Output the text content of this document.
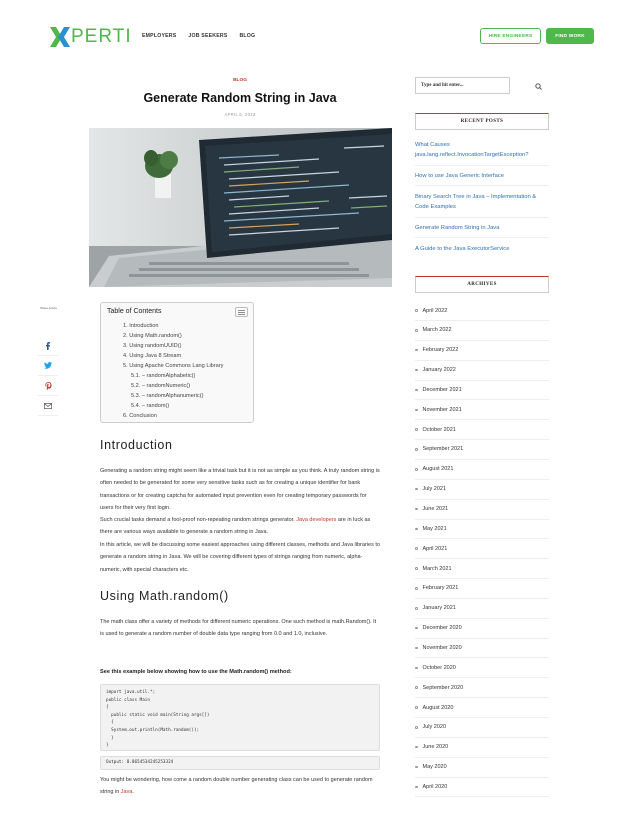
PERTI EMPLOYERS JOB SEEKERS BLOG	HIRE ENGINEERS	FIND WORK
BLOG
Generate Random String in Java
APRIL 6, 2022
Share Article	Table of Contents
1. Introduction
2. Using Math.random()
3. Using randomUUID()
4. Using Java 8 Stream
5. Using Apache Commons Lang Library
5.1. – randomAlphabetic()
5.2. – randomNumeric()
5.3. – randomAlphanumeric()
5.4. – random()
6. Conclusion
Introduction
Generating a random string might seem like a trivial task but it is not as simple as you think. A truly random string is often needed to be generated for some very sensitive tasks such as for creating a unique identifier for bank transactions or for creating captcha for automated input prevention even for creating temporary passwords for users for their very first login.
Such crucial tasks demand a fool-proof non-repeating random strings generator. Java developers are in luck as there are various ways available to generate a random string in Java.
In this article, we will be discussing some easiest approaches using different classes, methods and Java libraries to generate a random string in Java. We will be covering different types of strings ranging from numeric, alpha-numeric, with special characters etc.
Using Math.random()
The math class offer a variety of methods for different numeric operations. One such method is math.Random(). It is used to generate a random number of double data type ranging from 0.0 and 1.0, inclusive.
See this example below showing how to use the Math.random() method:
import java.util.*;
public class Main
{
public static void main(String args[])
{
System.out.println(Math.random());
}
}
Output: 0.8654534245253324
You might be wondering, how come a random double number generating class can be used to generate random string in Java.
Type and hit enter...
RECENT POSTS
What Causes java.lang.reflect.InvocationTargetException?
How to use Java Generic Interface
Binary Search Tree in Java – Implementation & Code Examples
Generate Random String in Java
A Guide to the Java ExecutorService
ARCHIVES
April 2022
March 2022
February 2022
January 2022
December 2021
November 2021
October 2021
September 2021
August 2021
July 2021
June 2021
May 2021
April 2021
March 2021
February 2021
January 2021
December 2020
November 2020
October 2020
September 2020
August 2020
July 2020
June 2020
May 2020
April 2020
